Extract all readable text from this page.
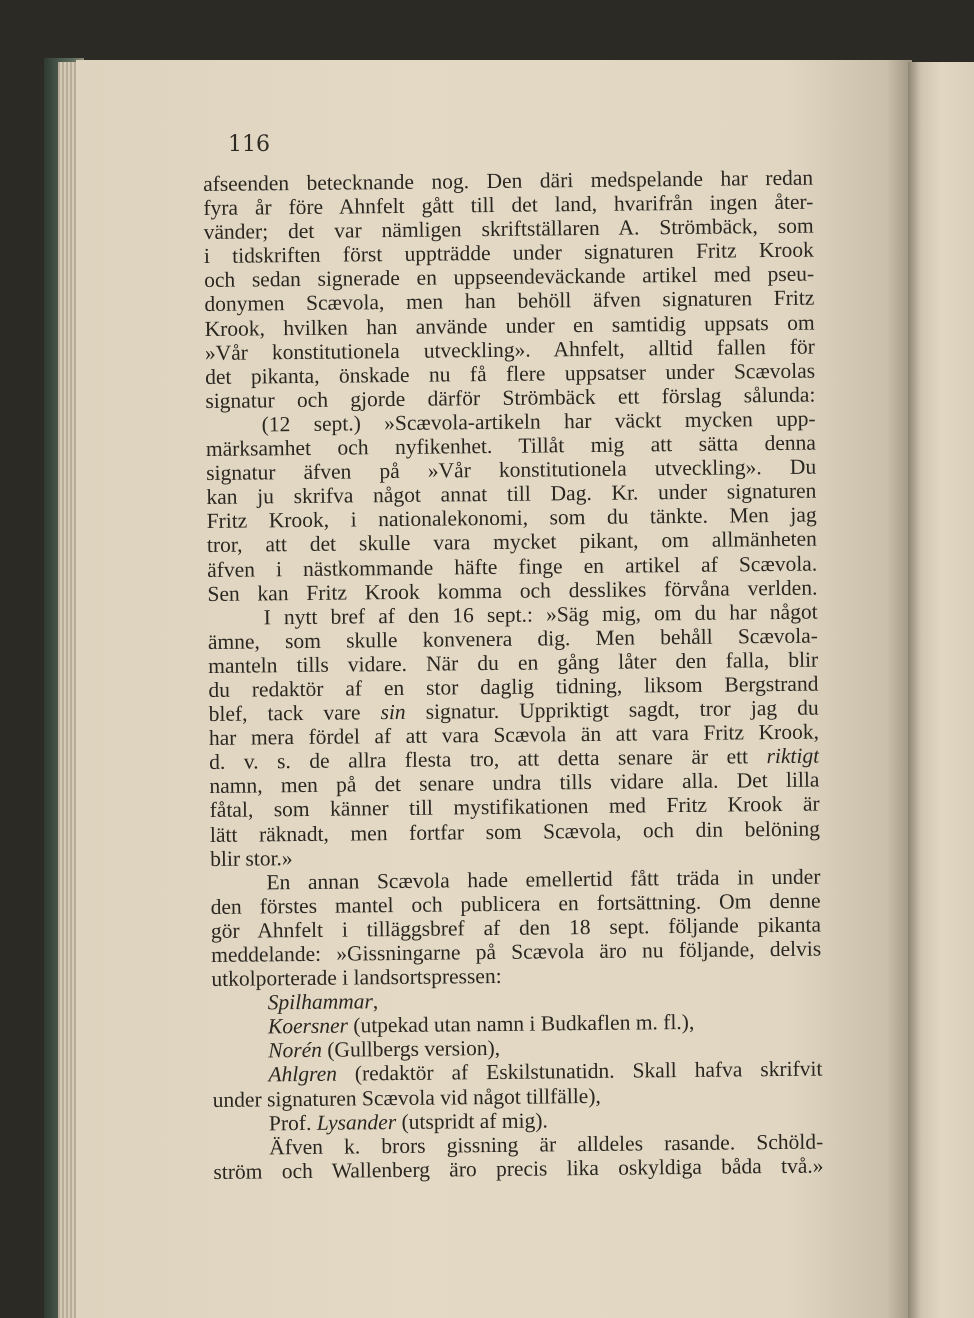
116
afseenden betecknande nog. Den däri medspelande har redan
fyra år före Ahnfelt gått till det land, hvarifrån ingen åter-
vänder; det var nämligen skriftställaren A. Strömbäck, som
i tidskriften först uppträdde under signaturen Fritz Krook
och sedan signerade en uppseendeväckande artikel med pseu-
donymen Scævola, men han behöll äfven signaturen Fritz
Krook, hvilken han använde under en samtidig uppsats om
»Vår konstitutionela utveckling». Ahnfelt, alltid fallen för
det pikanta, önskade nu få flere uppsatser under Scævolas
signatur och gjorde därför Strömbäck ett förslag sålunda:
(12 sept.) »Scævola-artikeln har väckt mycken upp-
märksamhet och nyfikenhet. Tillåt mig att sätta denna
signatur äfven på »Vår konstitutionela utveckling». Du
kan ju skrifva något annat till Dag. Kr. under signaturen
Fritz Krook, i nationalekonomi, som du tänkte. Men jag
tror, att det skulle vara mycket pikant, om allmänheten
äfven i nästkommande häfte finge en artikel af Scævola.
Sen kan Fritz Krook komma och desslikes förvåna verlden.
I nytt bref af den 16 sept.: »Säg mig, om du har något
ämne, som skulle konvenera dig. Men behåll Scævola-
manteln tills vidare. När du en gång låter den falla, blir
du redaktör af en stor daglig tidning, liksom Bergstrand
blef, tack vare sin signatur. Uppriktigt sagdt, tror jag du
har mera fördel af att vara Scævola än att vara Fritz Krook,
d. v. s. de allra flesta tro, att detta senare är ett riktigt
namn, men på det senare undra tills vidare alla. Det lilla
fåtal, som känner till mystifikationen med Fritz Krook är
lätt räknadt, men fortfar som Scævola, och din belöning
blir stor.»
En annan Scævola hade emellertid fått träda in under
den förstes mantel och publicera en fortsättning. Om denne
gör Ahnfelt i tilläggsbref af den 18 sept. följande pikanta
meddelande: »Gissningarne på Scævola äro nu följande, delvis
utkolporterade i landsortspressen:
Spilhammar,
Koersner (utpekad utan namn i Budkaflen m. fl.),
Norén (Gullbergs version),
Ahlgren (redaktör af Eskilstunatidn. Skall hafva skrifvit
under signaturen Scævola vid något tillfälle),
Prof. Lysander (utspridt af mig).
Äfven k. brors gissning är alldeles rasande. Schöld-
ström och Wallenberg äro precis lika oskyldiga båda två.»
